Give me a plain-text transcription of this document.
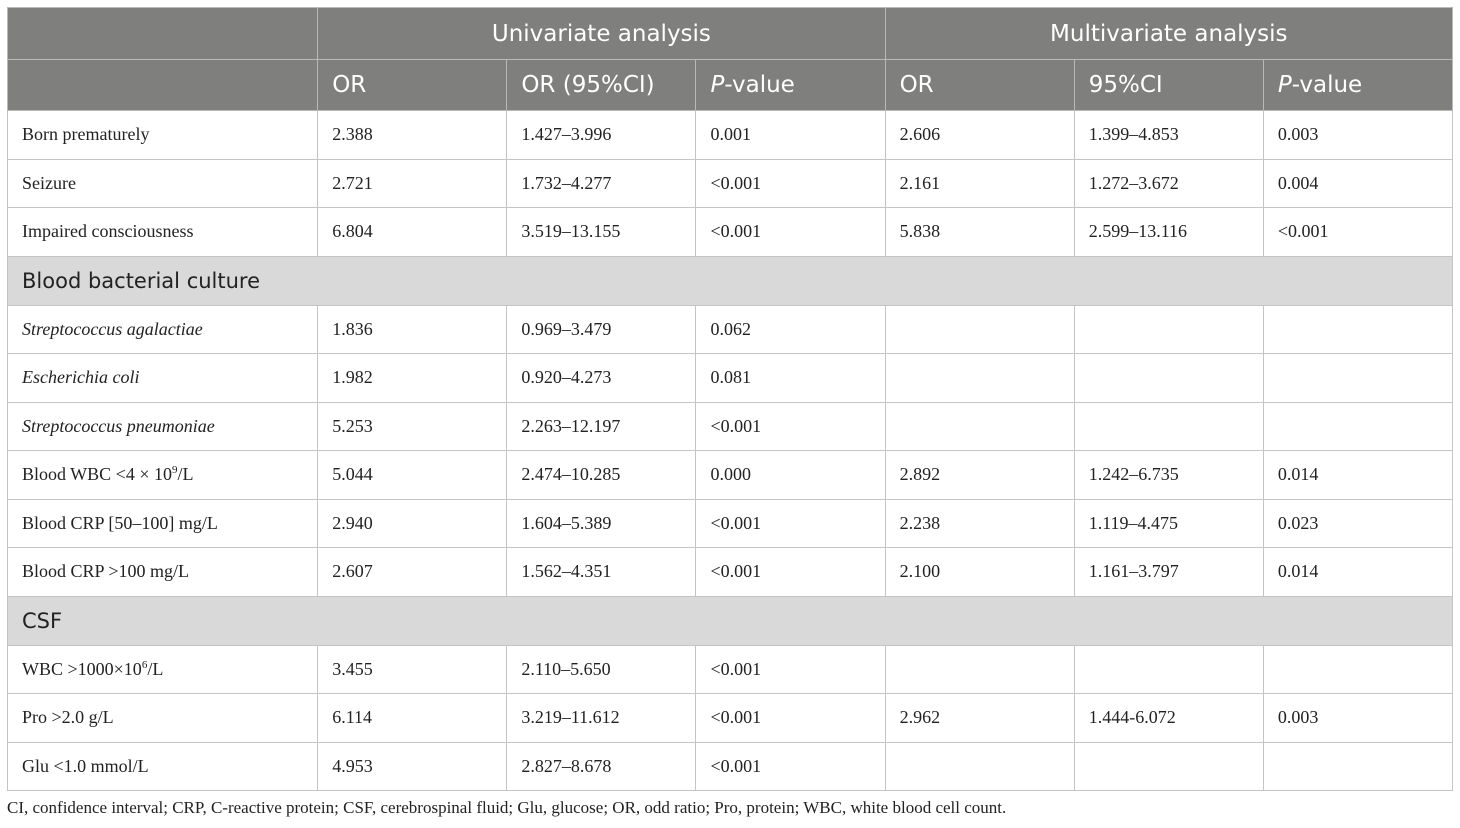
	Univariate analysis			Multivariate analysis		
	OR	OR (95%CI)	P-value	OR	95%CI	P-value
Born prematurely	2.388	1.427–3.996	0.001	2.606	1.399–4.853	0.003
Seizure	2.721	1.732–4.277	<0.001	2.161	1.272–3.672	0.004
Impaired consciousness	6.804	3.519–13.155	<0.001	5.838	2.599–13.116	<0.001
Blood bacterial culture						
Streptococcus agalactiae	1.836	0.969–3.479	0.062			
Escherichia coli	1.982	0.920–4.273	0.081			
Streptococcus pneumoniae	5.253	2.263–12.197	<0.001			
Blood WBC $<4 \times 10^9/L$	5.044	2.474–10.285	0.000	2.892	1.242–6.735	0.014
Blood CRP [50–100] mg/L	2.940	1.604–5.389	<0.001	2.238	1.119–4.475	0.023
Blood CRP >100 mg/L	2.607	1.562–4.351	<0.001	2.100	1.161–3.797	0.014
CSF						
WBC $>1000\times 10^6/L$	3.455	2.110–5.650	<0.001			
Pro >2.0 g/L	6.114	3.219–11.612	<0.001	2.962	1.444-6.072	0.003
Glu <1.0 mmol/L	4.953	2.827–8.678	<0.001			
CI, confidence interval; CRP, C-reactive protein; CSF, cerebrospinal fluid; Glu, glucose; OR, odd ratio; Pro, protein; WBC, white blood cell count.
